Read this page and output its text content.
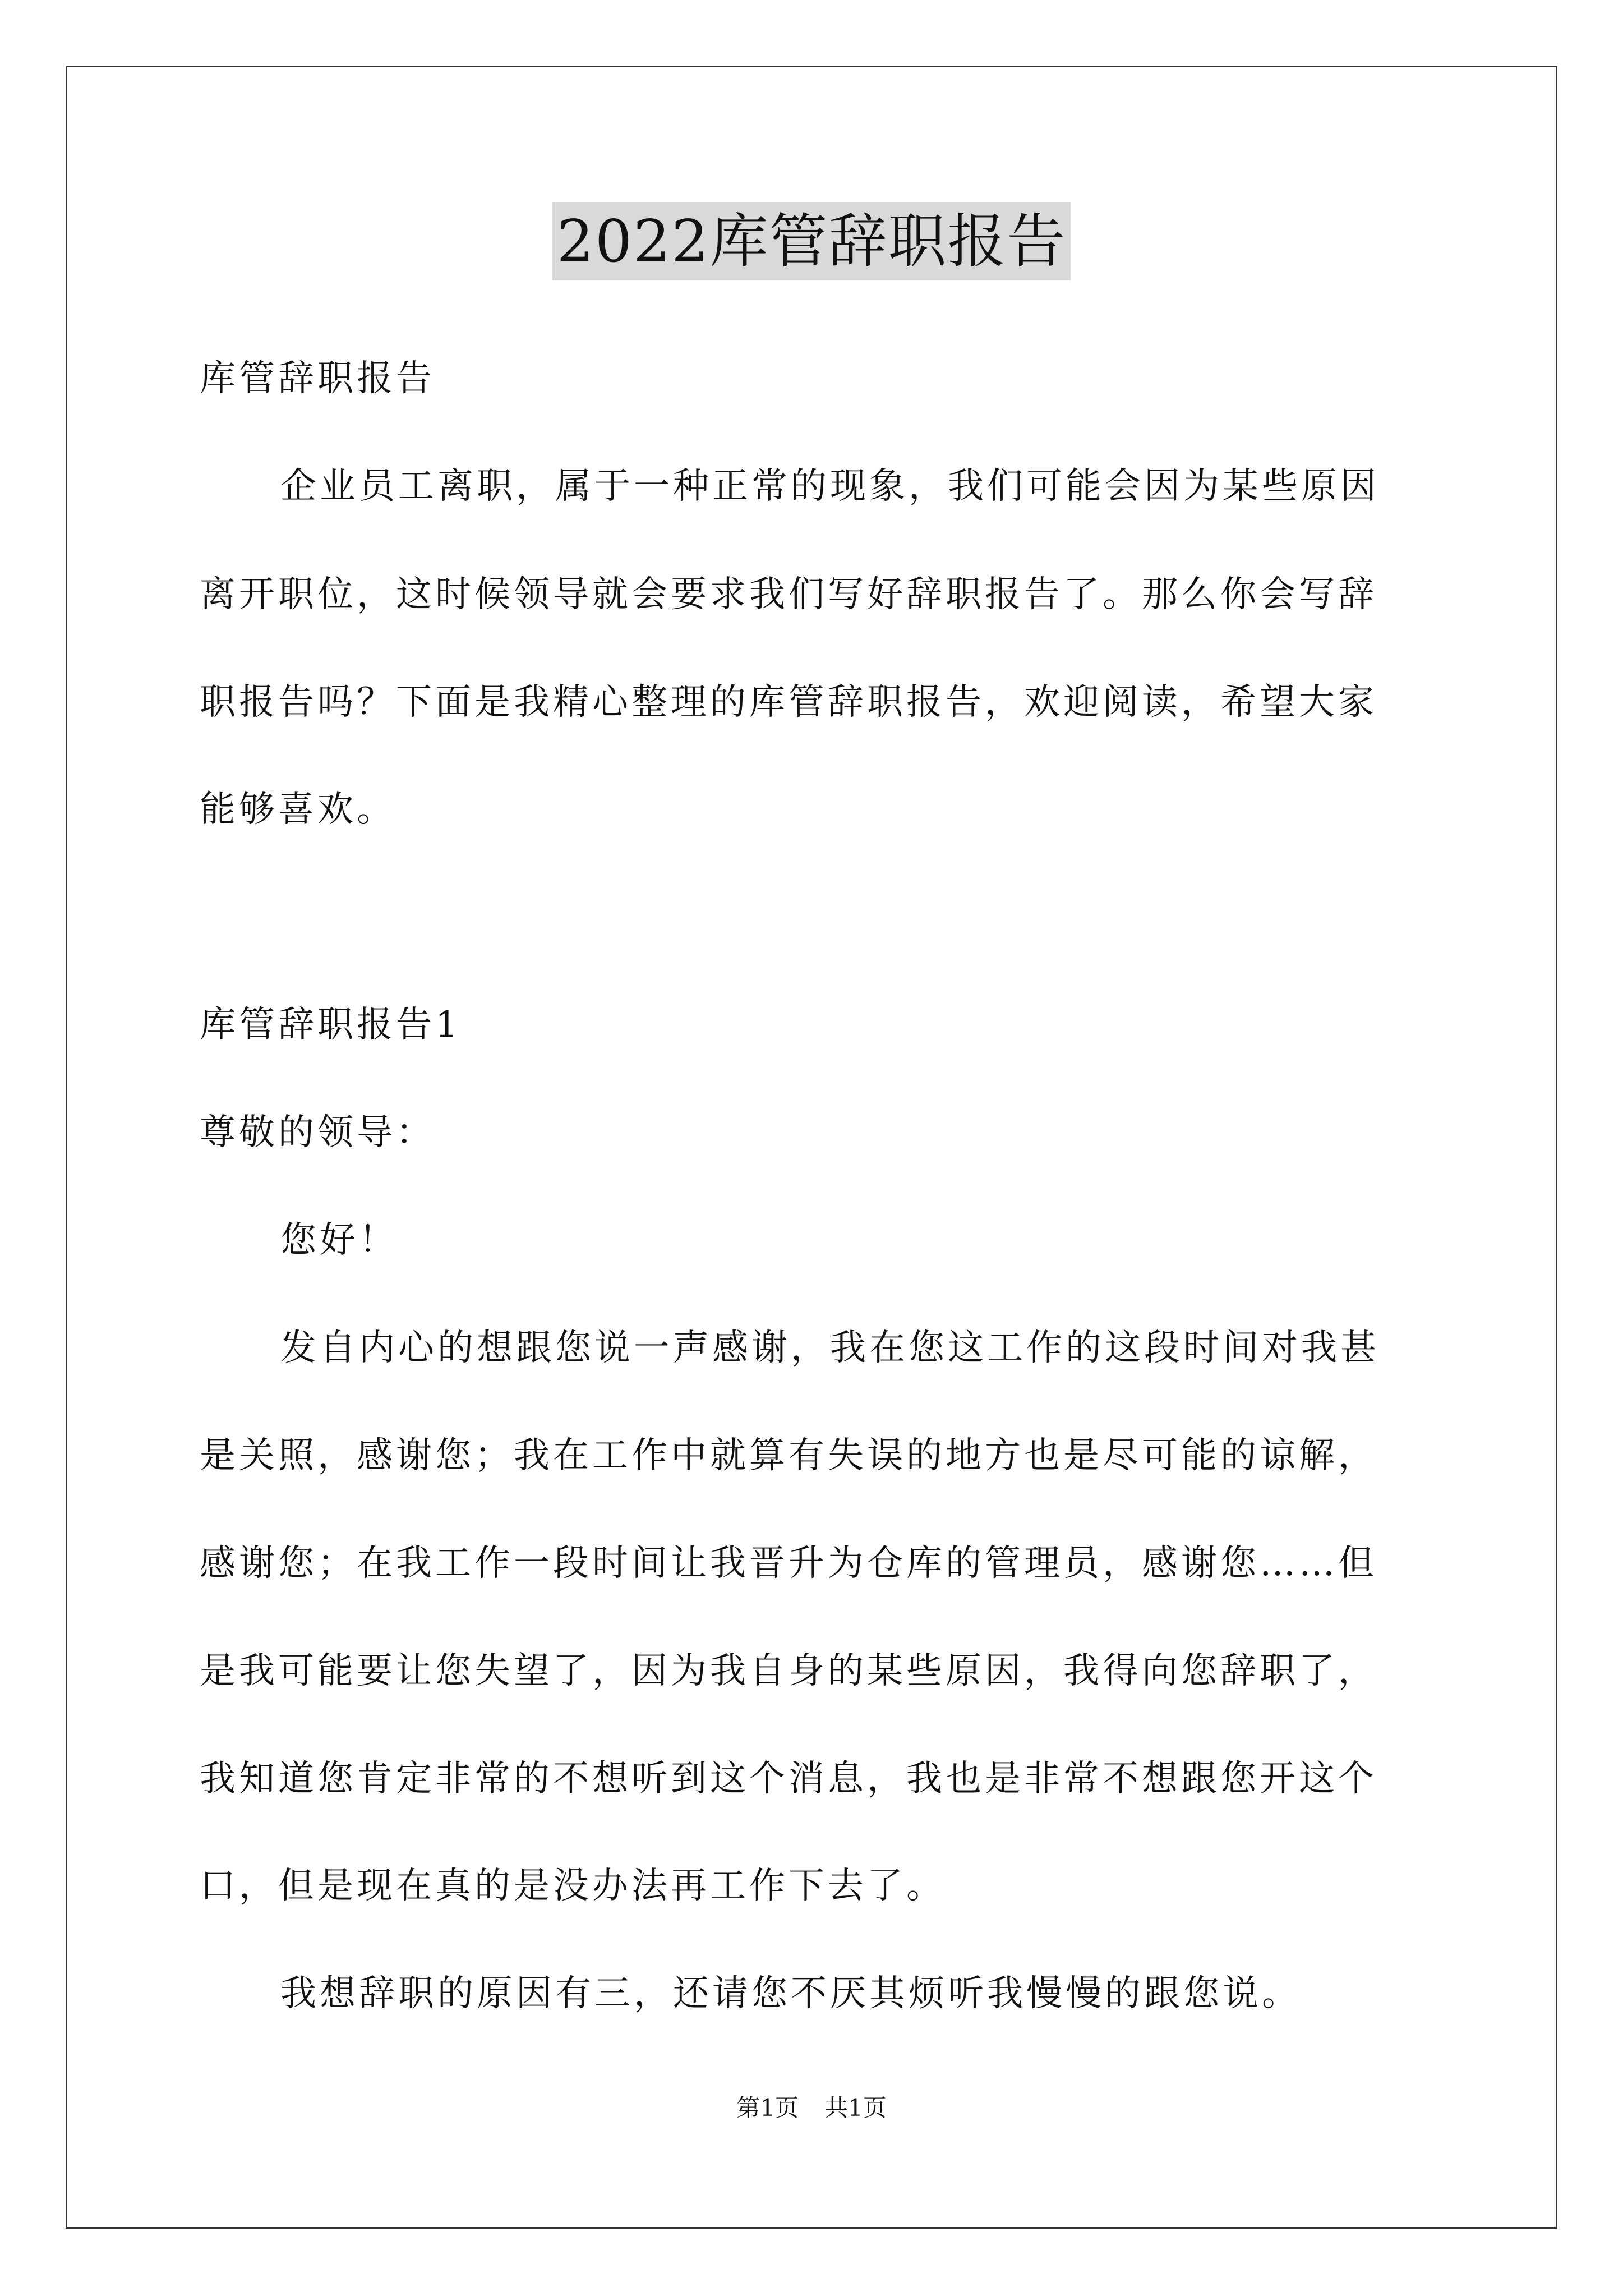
2022库管辞职报告
库管辞职报告
企业员工离职，属于一种正常的现象，我们可能会因为某些原因
离开职位，这时候领导就会要求我们写好辞职报告了。那么你会写辞
职报告吗？下面是我精心整理的库管辞职报告，欢迎阅读，希望大家
能够喜欢。
库管辞职报告1
尊敬的领导：
您好！
发自内心的想跟您说一声感谢，我在您这工作的这段时间对我甚
是关照，感谢您；我在工作中就算有失误的地方也是尽可能的谅解，
感谢您；在我工作一段时间让我晋升为仓库的管理员，感谢您……但
是我可能要让您失望了，因为我自身的某些原因，我得向您辞职了，
我知道您肯定非常的不想听到这个消息，我也是非常不想跟您开这个
口，但是现在真的是没办法再工作下去了。
我想辞职的原因有三，还请您不厌其烦听我慢慢的跟您说。
第1页 共1页
